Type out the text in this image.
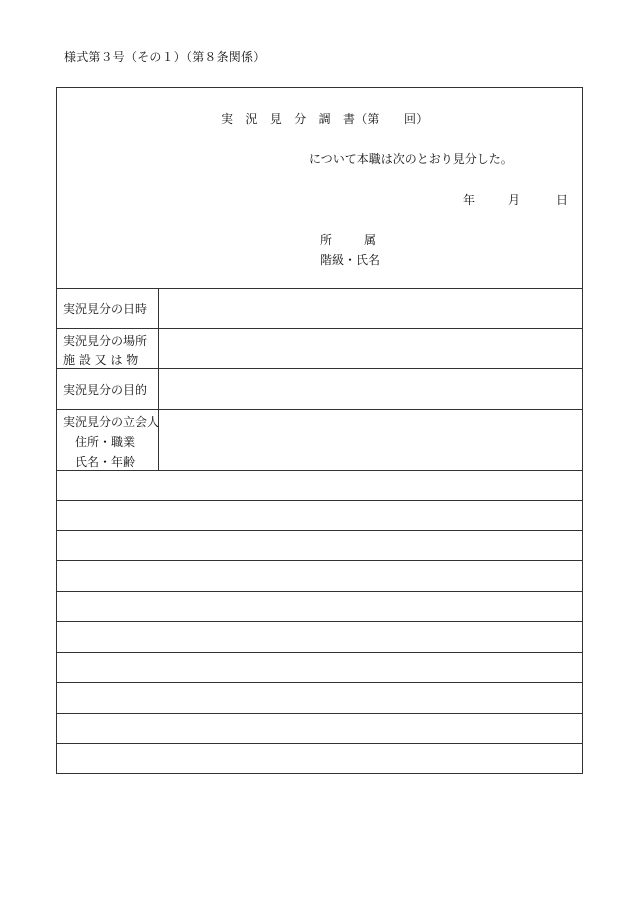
様式第３号（その１）（第８条関係）
実　況　見　分　調　書（第　　回）
について本職は次のとおり見分した。
年	月	日
所	属
階級・氏名
実況見分の日時
実況見分の場所
施 設 又 は 物
実況見分の目的
実況見分の立会人
　住所・職業
　氏名・年齢
